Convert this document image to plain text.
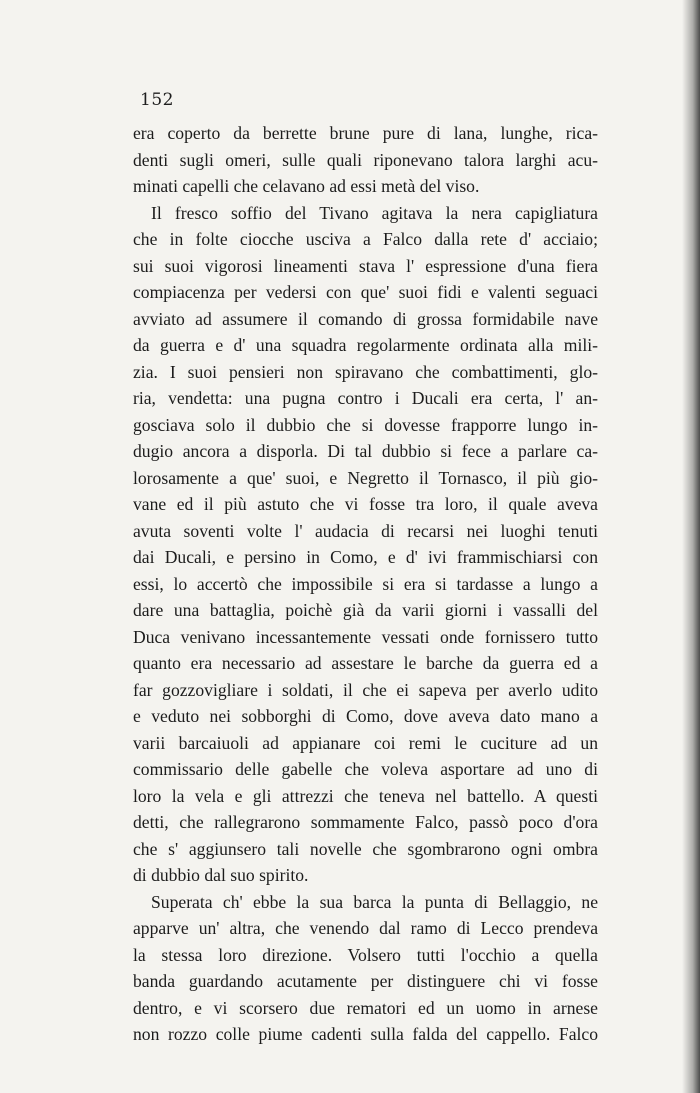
152
era coperto da berrette brune pure di lana, lunghe, rica-
denti sugli omeri, sulle quali riponevano talora larghi acu-
minati capelli che celavano ad essi metà del viso.
Il fresco soffio del Tivano agitava la nera capigliatura
che in folte ciocche usciva a Falco dalla rete d' acciaio;
sui suoi vigorosi lineamenti stava l' espressione d'una fiera
compiacenza per vedersi con que' suoi fidi e valenti seguaci
avviato ad assumere il comando di grossa formidabile nave
da guerra e d' una squadra regolarmente ordinata alla mili-
zia. I suoi pensieri non spiravano che combattimenti, glo-
ria, vendetta: una pugna contro i Ducali era certa, l' an-
gosciava solo il dubbio che si dovesse frapporre lungo in-
dugio ancora a disporla. Di tal dubbio si fece a parlare ca-
lorosamente a que' suoi, e Negretto il Tornasco, il più gio-
vane ed il più astuto che vi fosse tra loro, il quale aveva
avuta soventi volte l' audacia di recarsi nei luoghi tenuti
dai Ducali, e persino in Como, e d' ivi frammischiarsi con
essi, lo accertò che impossibile si era si tardasse a lungo a
dare una battaglia, poichè già da varii giorni i vassalli del
Duca venivano incessantemente vessati onde fornissero tutto
quanto era necessario ad assestare le barche da guerra ed a
far gozzovigliare i soldati, il che ei sapeva per averlo udito
e veduto nei sobborghi di Como, dove aveva dato mano a
varii barcaiuoli ad appianare coi remi le cuciture ad un
commissario delle gabelle che voleva asportare ad uno di
loro la vela e gli attrezzi che teneva nel battello. A questi
detti, che rallegrarono sommamente Falco, passò poco d'ora
che s' aggiunsero tali novelle che sgombrarono ogni ombra
di dubbio dal suo spirito.
Superata ch' ebbe la sua barca la punta di Bellaggio, ne
apparve un' altra, che venendo dal ramo di Lecco prendeva
la stessa loro direzione. Volsero tutti l'occhio a quella
banda guardando acutamente per distinguere chi vi fosse
dentro, e vi scorsero due rematori ed un uomo in arnese
non rozzo colle piume cadenti sulla falda del cappello. Falco
